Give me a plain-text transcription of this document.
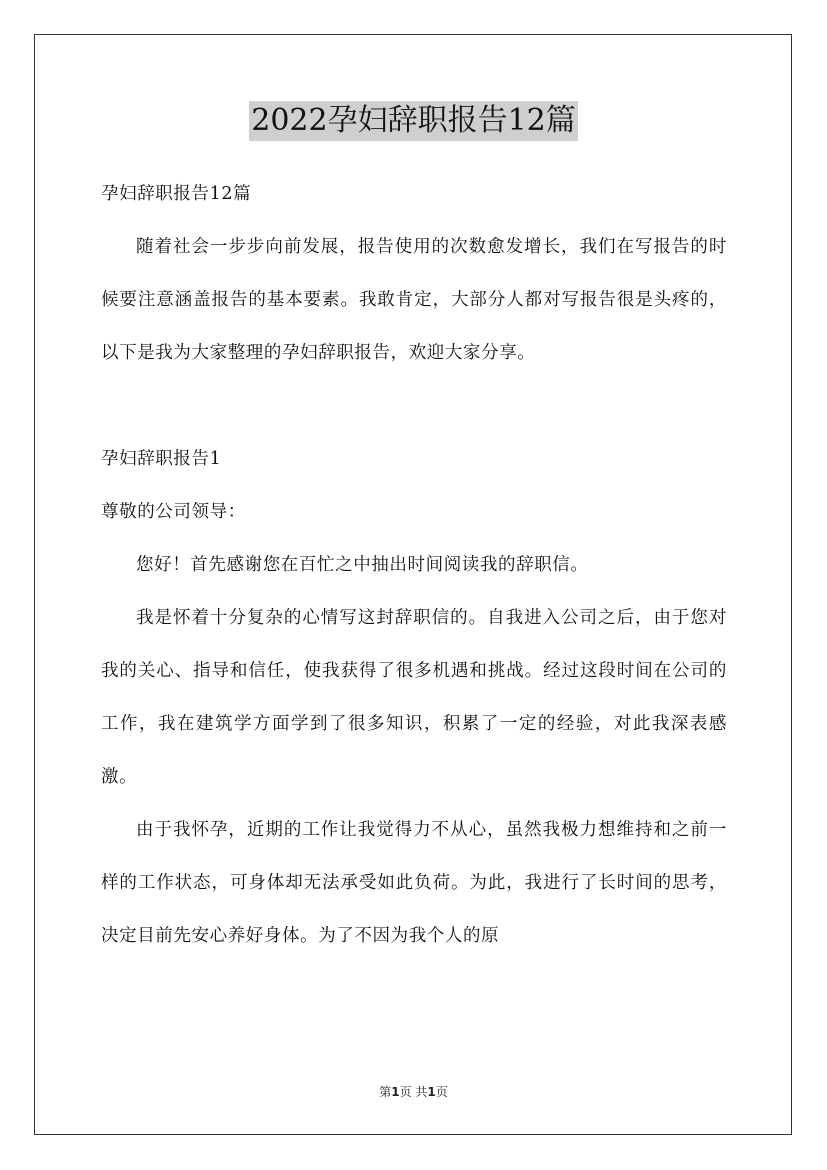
2022孕妇辞职报告12篇

孕妇辞职报告12篇

随着社会一步步向前发展，报告使用的次数愈发增长，我们在写报告的时候要注意涵盖报告的基本要素。我敢肯定，大部分人都对写报告很是头疼的，以下是我为大家整理的孕妇辞职报告，欢迎大家分享。

孕妇辞职报告1

尊敬的公司领导：

您好！首先感谢您在百忙之中抽出时间阅读我的辞职信。

我是怀着十分复杂的心情写这封辞职信的。自我进入公司之后，由于您对我的关心、指导和信任，使我获得了很多机遇和挑战。经过这段时间在公司的工作，我在建筑学方面学到了很多知识，积累了一定的经验，对此我深表感激。

由于我怀孕，近期的工作让我觉得力不从心，虽然我极力想维持和之前一样的工作状态，可身体却无法承受如此负荷。为此，我进行了长时间的思考，决定目前先安心养好身体。为了不因为我个人的原

第1页 共1页
